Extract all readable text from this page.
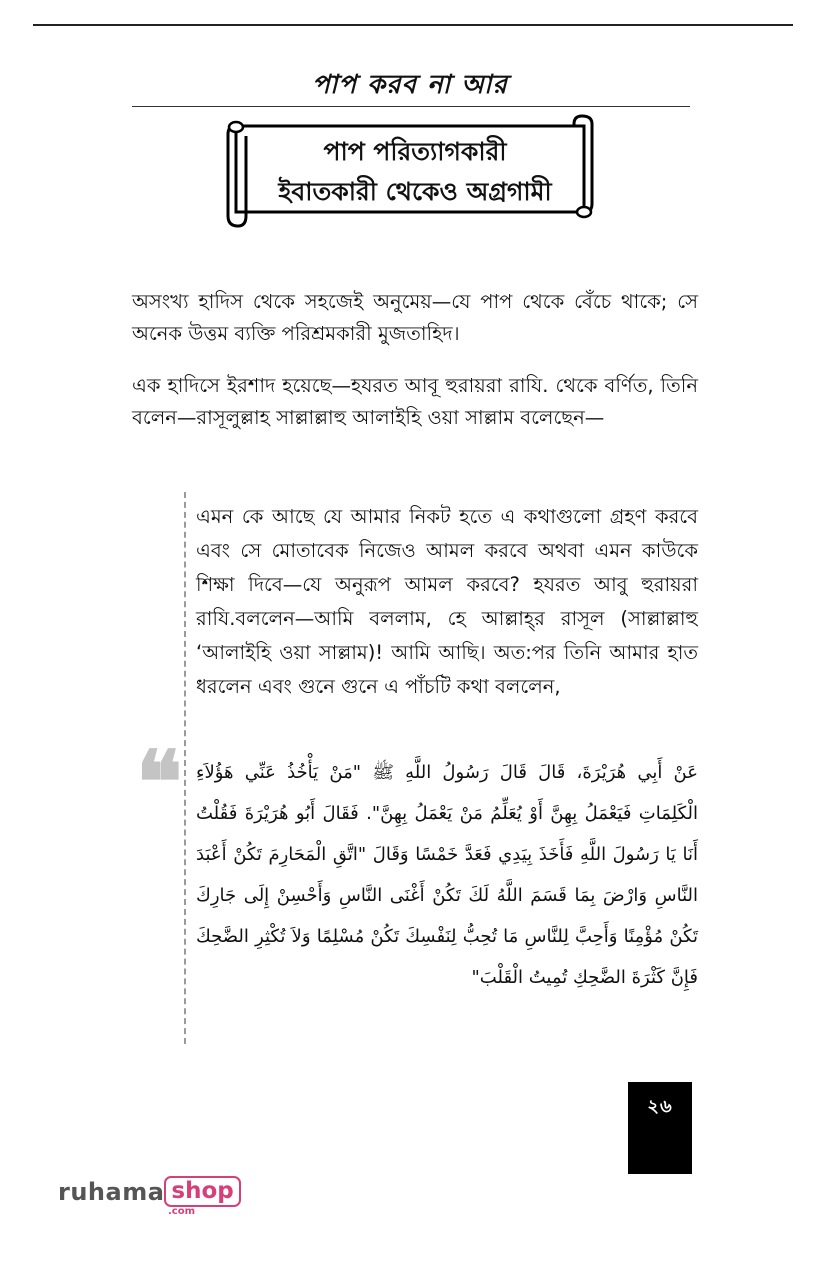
পাপ করব না আর
পাপ পরিত্যাগকারী
ইবাতকারী থেকেও অগ্রগামী
অসংখ্য হাদিস থেকে সহজেই অনুমেয়—যে পাপ থেকে বেঁচে থাকে; সে অনেক উত্তম ব্যক্তি পরিশ্রমকারী মুজতাহিদ।
এক হাদিসে ইরশাদ হয়েছে—হযরত আবূ হুরায়রা রাযি. থেকে বর্ণিত, তিনি বলেন—রাসূলুল্লাহ সাল্লাল্লাহু আলাইহি ওয়া সাল্লাম বলেছেন—
এমন কে আছে যে আমার নিকট হতে এ কথাগুলো গ্রহণ করবে এবং সে মোতাবেক নিজেও আমল করবে অথবা এমন কাউকে শিক্ষা দিবে—যে অনুরূপ আমল করবে? হযরত আবু হুরায়রা রাযি.বললেন—আমি বললাম, হে আল্লাহ্‌র রাসূল (সাল্লাল্লাহু ‘আলাইহি ওয়া সাল্লাম)! আমি আছি। অত:পর তিনি আমার হাত ধরলেন এবং গুনে গুনে এ পাঁচটি কথা বললেন,
❝ عَنْ أَبِي هُرَيْرَةَ، قَالَ قَالَ رَسُولُ اللَّهِ ﷺ "مَنْ يَأْخُذُ عَنِّي هَؤُلاَءِ الْكَلِمَاتِ فَيَعْمَلُ بِهِنَّ أَوْ يُعَلِّمُ مَنْ يَعْمَلُ بِهِنَّ". فَقَالَ أَبُو هُرَيْرَةَ فَقُلْتُ أَنَا يَا رَسُولَ اللَّهِ فَأَخَذَ بِيَدِي فَعَدَّ خَمْسًا وَقَالَ "اتَّقِ الْمَحَارِمَ تَكُنْ أَعْبَدَ النَّاسِ وَارْضَ بِمَا قَسَمَ اللَّهُ لَكَ تَكُنْ أَغْنَى النَّاسِ وَأَحْسِنْ إِلَى جَارِكَ تَكُنْ مُؤْمِنًا وَأَحِبَّ لِلنَّاسِ مَا تُحِبُّ لِنَفْسِكَ تَكُنْ مُسْلِمًا وَلاَ تُكْثِرِ الضَّحِكَ فَإِنَّ كَثْرَةَ الضَّحِكِ تُمِيتُ الْقَلْبَ"
২৬
ruhama shop
.com
